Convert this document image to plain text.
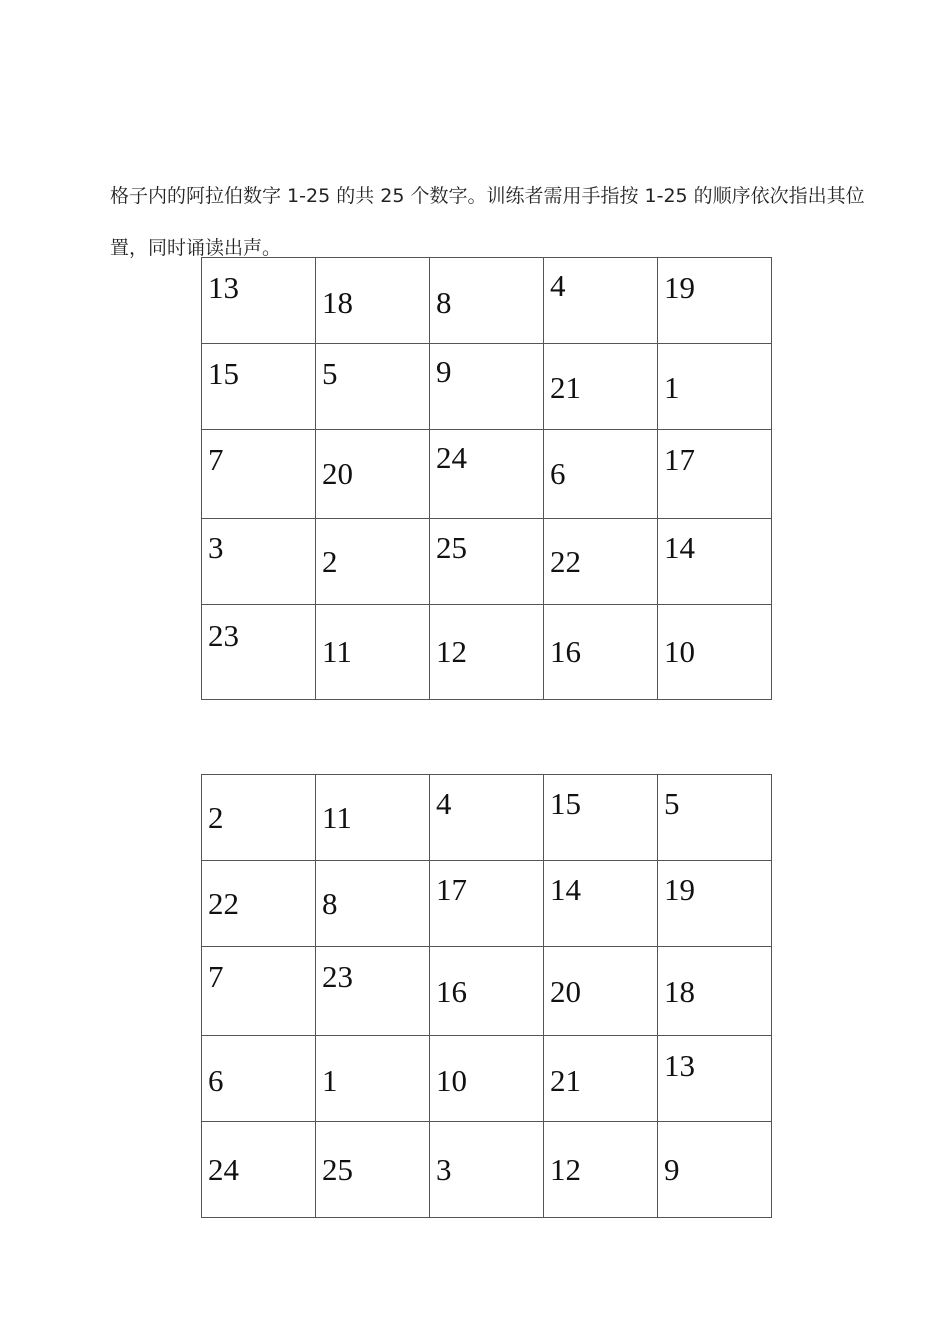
格子内的阿拉伯数字 1-25 的共 25 个数字。训练者需用手指按 1-25 的顺序依次指出其位置，同时诵读出声。

13	18	8	4	19

15	5	9	21	1

7	20	24	6	17

3	2	25	22	14

23	11	12	16	10
2	11	4	15	5

22	8	17	14	19

7	23	16	20	18

6	1	10	21	13

24	25	3	12	9
